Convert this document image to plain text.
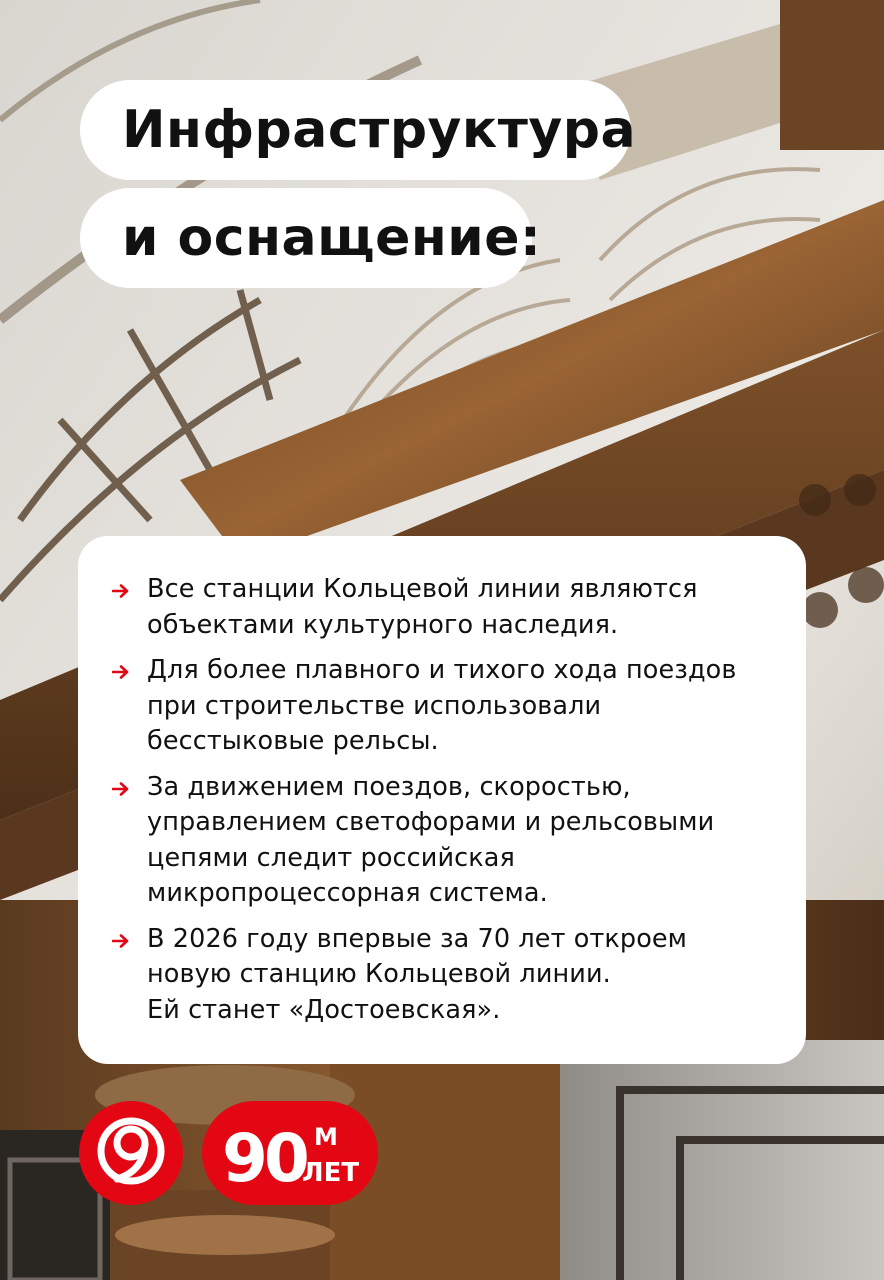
Инфраструктура
и оснащение:
Все станции Кольцевой линии являются
объектами культурного наследия.
Для более плавного и тихого хода поездов
при строительстве использовали
бесстыковые рельсы.
За движением поездов, скоростью,
управлением светофорами и рельсовыми
цепями следит российская
микропроцессорная система.
В 2026 году впервые за 70 лет откроем
новую станцию Кольцевой линии.
Ей станет «Достоевская».
90 М
ЛЕТ
